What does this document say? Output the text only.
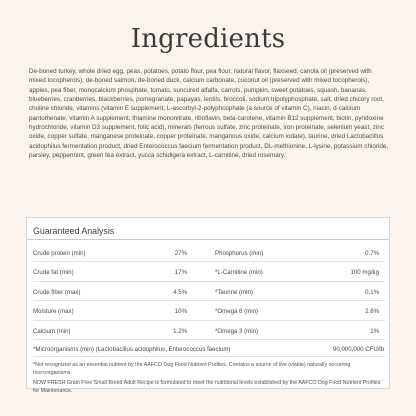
Ingredients
De-boned turkey, whole dried egg, peas, potatoes, potato flour, pea flour, natural flavor, flaxseed, canola oil (preserved with mixed tocopherols), de-boned salmon, de-boned duck, calcium carbonate, coconut oil (preserved with mixed tocopherols), apples, pea fiber, monocalcium phosphate, tomato, suncured alfalfa, carrots, pumpkin, sweet potatoes, squash, bananas, blueberries, cranberries, blackberries, pomegranate, papayas, lentils, broccoli, sodium tripolyphosphate, salt, dried chicory root, choline chloride, vitamins (vitamin E supplement, L-ascorbyl-2-polyphosphate (a source of vitamin C), niacin, d-calcium pantothenate, vitamin A supplement, thiamine mononitrate, riboflavin, beta-carotene, vitamin B12 supplement, biotin, pyridoxine hydrochloride, vitamin D3 supplement, folic acid), minerals (ferrous sulfate, zinc proteinate, iron proteinate, selenium yeast, zinc oxide, copper sulfate, manganese proteinate, copper proteinate, manganous oxide, calcium iodate), taurine, dried Lactobacillus acidophilus fermentation product, dried Enterococcus faecium fermentation product, DL-methionine, L-lysine, potassium chloride, parsley, peppermint, green tea extract, yucca schidigera extract, L-carnitine, dried rosemary.
Guaranteed Analysis
Crude protein (min)	27%	Phosphorus (min)	0.7%
Crude fat (min)	17%	*L-Carnitine (min)	100 mg/kg
Crude fiber (max)	4.5%	*Taurine (min)	0.1%
Moisture (max)	10%	*Omega 6 (min)	2.6%
Calcium (min)	1.2%	*Omega 3 (min)	1%
*Microorganisms (min) (Lactobacillus acidophilus, Enterococcus faecium)	90,000,000 CFU/lb
*Not recognized as an essential nutrient by the AAFCO Dog Food Nutrient Profiles. Contains a source of live (viable) naturally occurring microorganisms.
NOW FRESH Grain Free Small Breed Adult Recipe is formulated to meet the nutritional levels established by the AAFCO Dog Food Nutrient Profiles for Maintenance.
